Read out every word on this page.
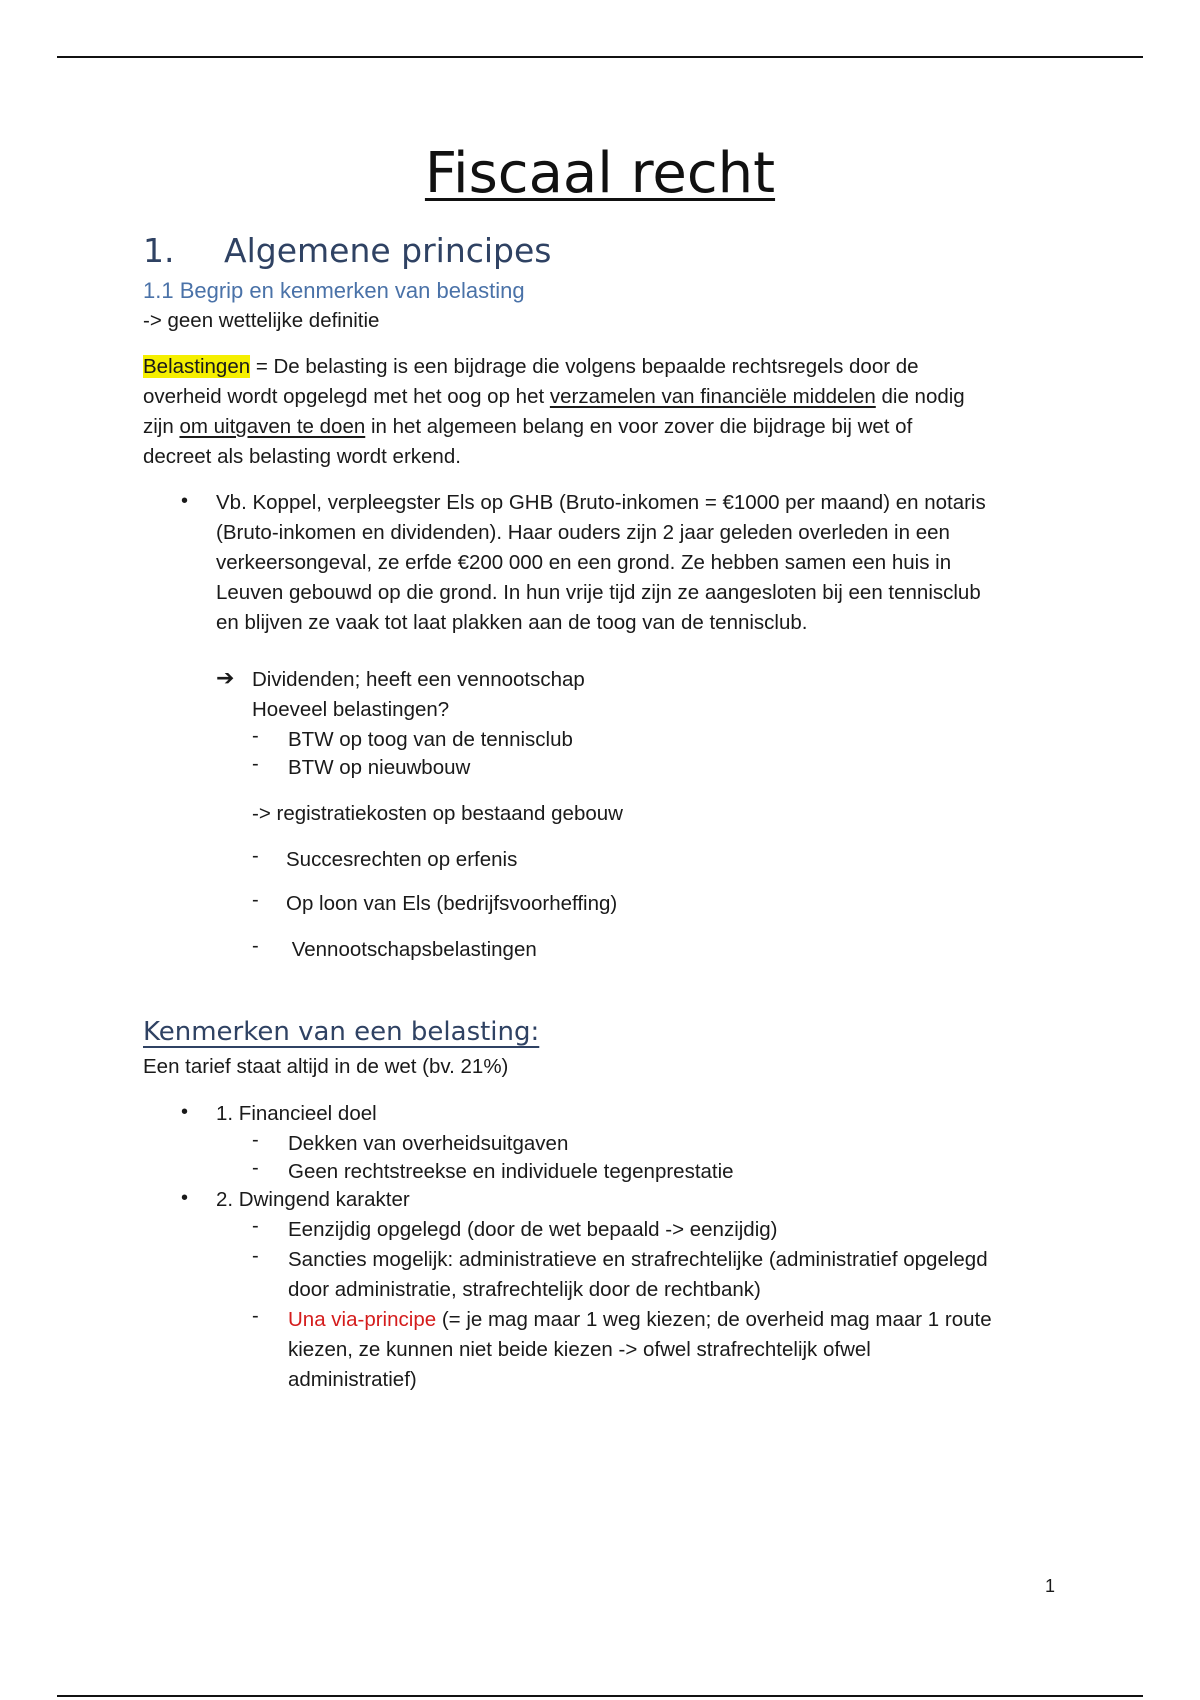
Fiscaal recht
1. Algemene principes
1.1 Begrip en kenmerken van belasting
-> geen wettelijke definitie
Belastingen = De belasting is een bijdrage die volgens bepaalde rechtsregels door de
overheid wordt opgelegd met het oog op het verzamelen van financiële middelen die nodig
zijn om uitgaven te doen in het algemeen belang en voor zover die bijdrage bij wet of
decreet als belasting wordt erkend.
• Vb. Koppel, verpleegster Els op GHB (Bruto-inkomen = €1000 per maand) en notaris
(Bruto-inkomen en dividenden). Haar ouders zijn 2 jaar geleden overleden in een
verkeersongeval, ze erfde €200 000 en een grond. Ze hebben samen een huis in
Leuven gebouwd op die grond. In hun vrije tijd zijn ze aangesloten bij een tennisclub
en blijven ze vaak tot laat plakken aan de toog van de tennisclub.
➔ Dividenden; heeft een vennootschap
Hoeveel belastingen?
- BTW op toog van de tennisclub
- BTW op nieuwbouw
-> registratiekosten op bestaand gebouw
- Succesrechten op erfenis
- Op loon van Els (bedrijfsvoorheffing)
- Vennootschapsbelastingen
Kenmerken van een belasting:
Een tarief staat altijd in de wet (bv. 21%)
• 1. Financieel doel
- Dekken van overheidsuitgaven
- Geen rechtstreekse en individuele tegenprestatie
• 2. Dwingend karakter
- Eenzijdig opgelegd (door de wet bepaald -> eenzijdig)
- Sancties mogelijk: administratieve en strafrechtelijke (administratief opgelegd
door administratie, strafrechtelijk door de rechtbank)
- Una via-principe (= je mag maar 1 weg kiezen; de overheid mag maar 1 route
kiezen, ze kunnen niet beide kiezen -> ofwel strafrechtelijk ofwel
administratief)
1
